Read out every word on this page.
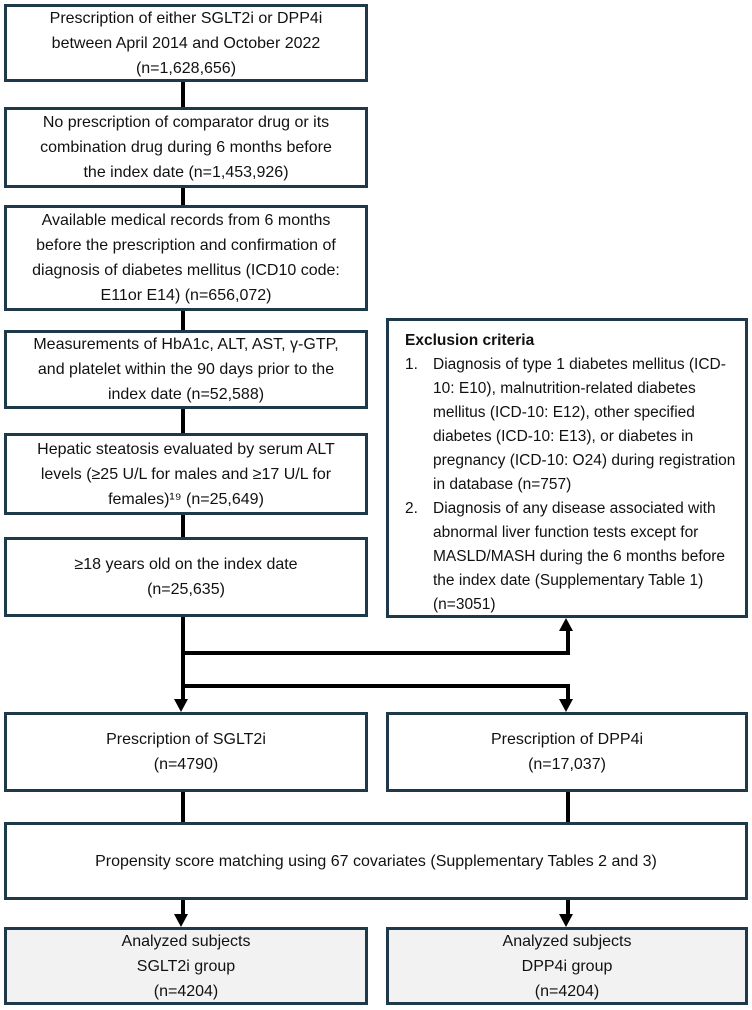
Prescription of either SGLT2i or DPP4i
between April 2014 and October 2022
(n=1,628,656)
No prescription of comparator drug or its
combination drug during 6 months before
the index date (n=1,453,926)
Available medical records from 6 months
before the prescription and confirmation of
diagnosis of diabetes mellitus (ICD10 code:
E11or E14) (n=656,072)
Measurements of HbA1c, ALT, AST, γ-GTP,
and platelet within the 90 days prior to the
index date (n=52,588)
Hepatic steatosis evaluated by serum ALT
levels (≥25 U/L for males and ≥17 U/L for
females)¹⁹ (n=25,649)
≥18 years old on the index date
(n=25,635)
Exclusion criteria
1. Diagnosis of type 1 diabetes mellitus (ICD-10: E10), malnutrition-related diabetes mellitus (ICD-10: E12), other specified diabetes (ICD-10: E13), or diabetes in pregnancy (ICD-10: O24) during registration in database (n=757)
2. Diagnosis of any disease associated with abnormal liver function tests except for MASLD/MASH during the 6 months before the index date (Supplementary Table 1) (n=3051)
Prescription of SGLT2i
(n=4790)
Prescription of DPP4i
(n=17,037)
Propensity score matching using 67 covariates (Supplementary Tables 2 and 3)
Analyzed subjects
SGLT2i group
(n=4204)
Analyzed subjects
DPP4i group
(n=4204)
